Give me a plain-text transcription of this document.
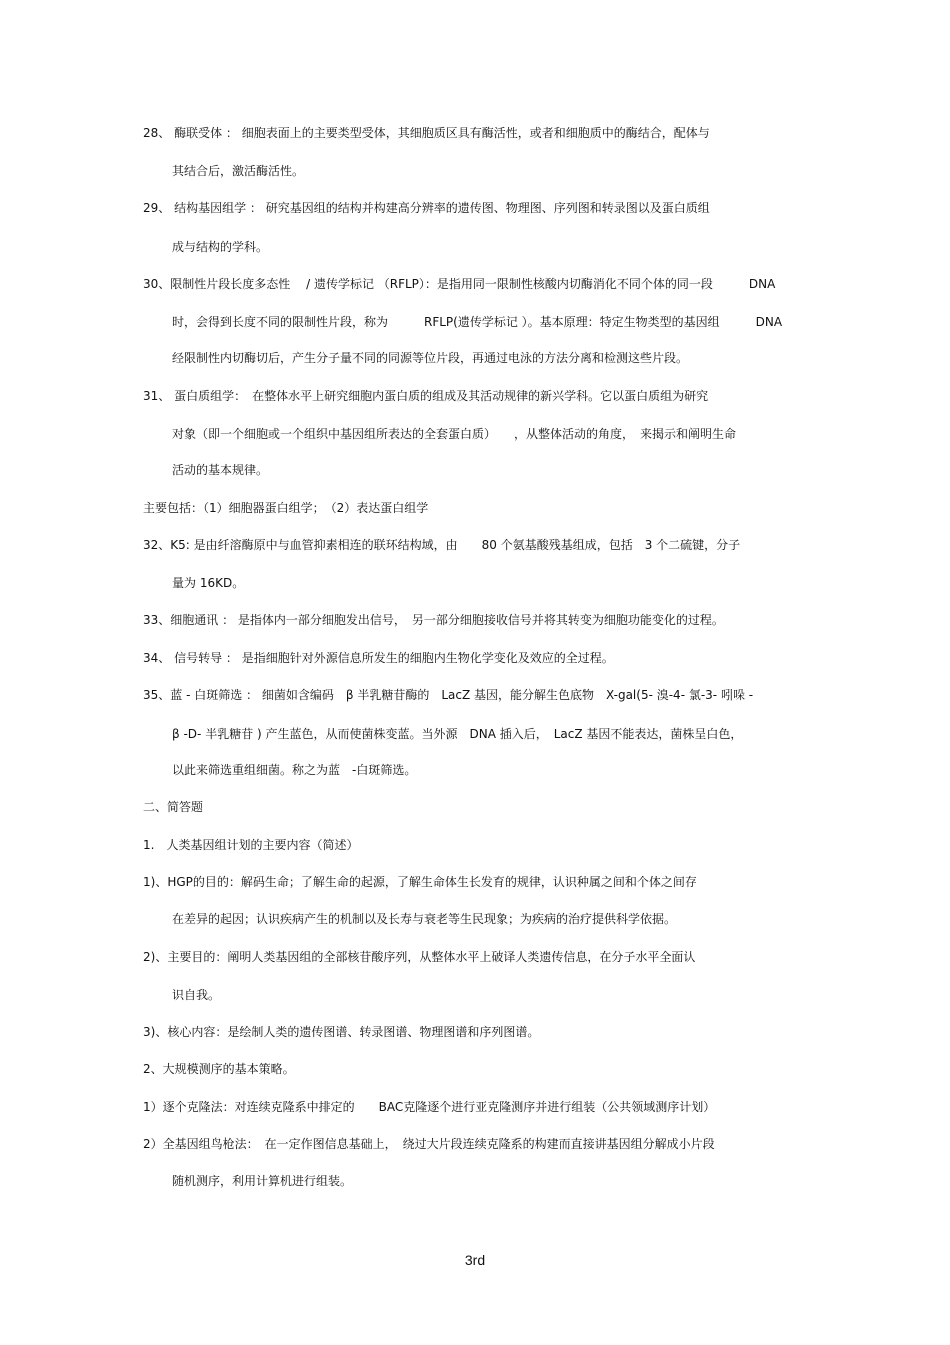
28、 酶联受体 ： 细胞表面上的主要类型受体，其细胞质区具有酶活性，或者和细胞质中的酶结合，配体与
其结合后，激活酶活性。
29、 结构基因组学 ： 研究基因组的结构并构建高分辨率的遗传图、物理图、序列图和转录图以及蛋白质组
成与结构的学科。
30、限制性片段长度多态性　 / 遗传学标记 （RFLP）：是指用同一限制性核酸内切酶消化不同个体的同一段　　　DNA
时，会得到长度不同的限制性片段，称为　　　RFLP(遗传学标记 ）。基本原理：特定生物类型的基因组　　　DNA
经限制性内切酶切后，产生分子量不同的同源等位片段，再通过电泳的方法分离和检测这些片段。
31、 蛋白质组学：　在整体水平上研究细胞内蛋白质的组成及其活动规律的新兴学科。它以蛋白质组为研究
对象（即一个细胞或一个组织中基因组所表达的全套蛋白质）　　，从整体活动的角度，　来揭示和阐明生命
活动的基本规律。
主要包括：（1）细胞器蛋白组学；　（2）表达蛋白组学
32、K5: 是由纤溶酶原中与血管抑素相连的联环结构域，由　　80 个氨基酸残基组成，包括　3 个二硫键，分子
量为 16KD。
33、细胞通讯 ： 是指体内一部分细胞发出信号，　另一部分细胞接收信号并将其转变为细胞功能变化的过程。
34、 信号转导 ： 是指细胞针对外源信息所发生的细胞内生物化学变化及效应的全过程。
35、蓝 - 白斑筛选 ： 细菌如含编码　β 半乳糖苷酶的　LacZ 基因，能分解生色底物　X-gal(5- 溴-4- 氯-3- 吲哚 -
β -D- 半乳糖苷 ) 产生蓝色，从而使菌株变蓝。当外源　DNA 插入后，　LacZ 基因不能表达，菌株呈白色，
以此来筛选重组细菌。称之为蓝　-白斑筛选。
二、简答题
1.　人类基因组计划的主要内容（简述）
1)、HGP的目的：解码生命；了解生命的起源，了解生命体生长发育的规律，认识种属之间和个体之间存
在差异的起因；认识疾病产生的机制以及长寿与衰老等生民现象；为疾病的治疗提供科学依据。
2)、主要目的：阐明人类基因组的全部核苷酸序列，从整体水平上破译人类遗传信息，在分子水平全面认
识自我。
3)、核心内容：是绘制人类的遗传图谱、转录图谱、物理图谱和序列图谱。
2、大规模测序的基本策略。
1）逐个克隆法：对连续克隆系中排定的　　BAC克隆逐个进行亚克隆测序并进行组装（公共领域测序计划）
2）全基因组鸟枪法：　在一定作图信息基础上，　绕过大片段连续克隆系的构建而直接讲基因组分解成小片段
随机测序，利用计算机进行组装。
3rd
